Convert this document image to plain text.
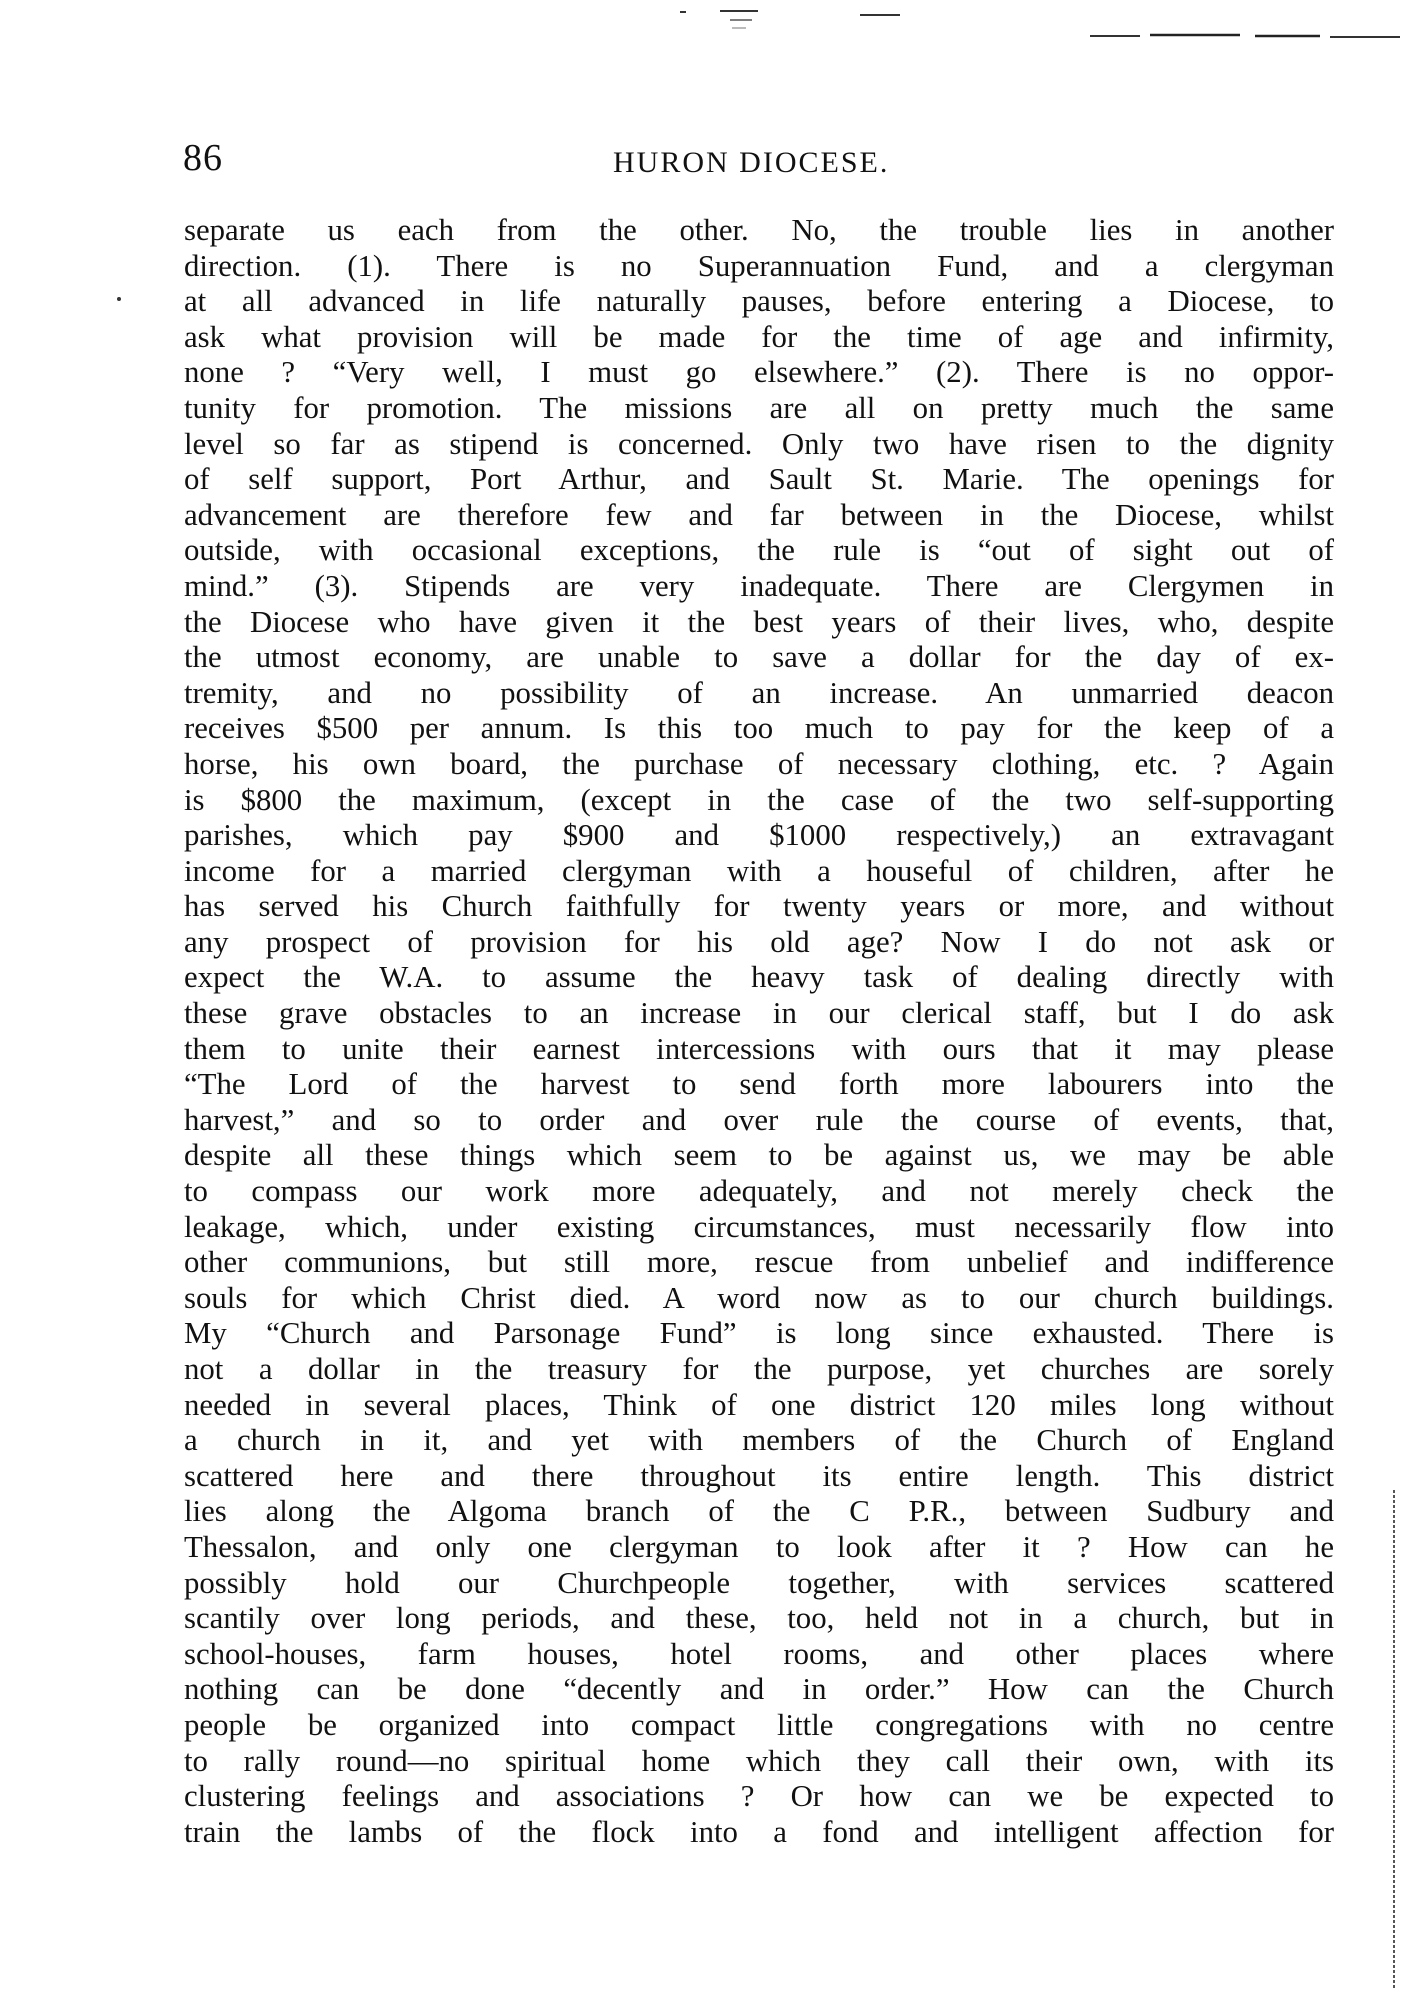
86	HURON DIOCESE.
separate us each from the other. No, the trouble lies in another
direction. (1). There is no Superannuation Fund, and a clergyman
at all advanced in life naturally pauses, before entering a Diocese, to
ask what provision will be made for the time of age and infirmity,
none ? “Very well, I must go elsewhere.” (2). There is no oppor-
tunity for promotion. The missions are all on pretty much the same
level so far as stipend is concerned. Only two have risen to the dignity
of self support, Port Arthur, and Sault St. Marie. The openings for
advancement are therefore few and far between in the Diocese, whilst
outside, with occasional exceptions, the rule is “out of sight out of
mind.” (3). Stipends are very inadequate. There are Clergymen in
the Diocese who have given it the best years of their lives, who, despite
the utmost economy, are unable to save a dollar for the day of ex-
tremity, and no possibility of an increase. An unmarried deacon
receives $500 per annum. Is this too much to pay for the keep of a
horse, his own board, the purchase of necessary clothing, etc. ? Again
is $800 the maximum, (except in the case of the two self-supporting
parishes, which pay $900 and $1000 respectively,) an extravagant
income for a married clergyman with a houseful of children, after he
has served his Church faithfully for twenty years or more, and without
any prospect of provision for his old age? Now I do not ask or
expect the W.A. to assume the heavy task of dealing directly with
these grave obstacles to an increase in our clerical staff, but I do ask
them to unite their earnest intercessions with ours that it may please
“The Lord of the harvest to send forth more labourers into the
harvest,” and so to order and over rule the course of events, that,
despite all these things which seem to be against us, we may be able
to compass our work more adequately, and not merely check the
leakage, which, under existing circumstances, must necessarily flow into
other communions, but still more, rescue from unbelief and indifference
souls for which Christ died. A word now as to our church buildings.
My “Church and Parsonage Fund” is long since exhausted. There is
not a dollar in the treasury for the purpose, yet churches are sorely
needed in several places, Think of one district 120 miles long without
a church in it, and yet with members of the Church of England
scattered here and there throughout its entire length. This district
lies along the Algoma branch of the C P.R., between Sudbury and
Thessalon, and only one clergyman to look after it ? How can he
possibly hold our Churchpeople together, with services scattered
scantily over long periods, and these, too, held not in a church, but in
school-houses, farm houses, hotel rooms, and other places where
nothing can be done “decently and in order.” How can the Church
people be organized into compact little congregations with no centre
to rally round—no spiritual home which they call their own, with its
clustering feelings and associations ? Or how can we be expected to
train the lambs of the flock into a fond and intelligent affection for
